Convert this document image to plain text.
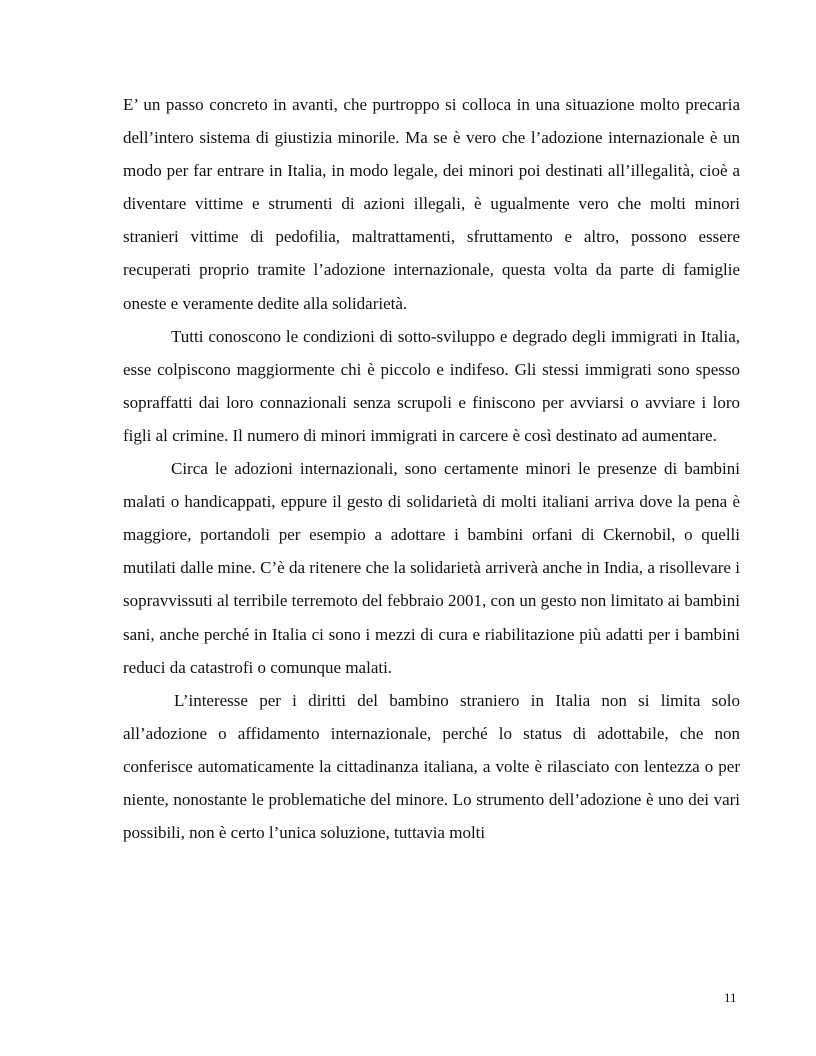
E’ un passo concreto in avanti, che purtroppo si colloca in una situazione molto precaria dell’intero sistema di giustizia minorile. Ma se è vero che l’adozione internazionale è un modo per far entrare in Italia, in modo legale, dei minori poi destinati all’illegalità, cioè a diventare vittime e strumenti di azioni illegali, è ugualmente vero che molti minori stranieri vittime di pedofilia, maltrattamenti, sfruttamento e altro, possono essere recuperati proprio tramite l’adozione internazionale, questa volta da parte di famiglie oneste e veramente dedite alla solidarietà.

Tutti conoscono le condizioni di sotto-sviluppo e degrado degli immigrati in Italia, esse colpiscono maggiormente chi è piccolo e indifeso. Gli stessi immigrati sono spesso sopraffatti dai loro connazionali senza scrupoli e finiscono per avviarsi o avviare i loro figli al crimine. Il numero di minori immigrati in carcere è così destinato ad aumentare.

Circa le adozioni internazionali, sono certamente minori le presenze di bambini malati o handicappati, eppure il gesto di solidarietà di molti italiani arriva dove la pena è maggiore, portandoli per esempio a adottare i bambini orfani di Ckernobil, o quelli mutilati dalle mine. C’è da ritenere che la solidarietà arriverà anche in India, a risollevare i sopravvissuti al terribile terremoto del febbraio 2001, con un gesto non limitato ai bambini sani, anche perché in Italia ci sono i mezzi di cura e riabilitazione più adatti per i bambini reduci da catastrofi o comunque malati.

L’interesse per i diritti del bambino straniero in Italia non si limita solo all’adozione o affidamento internazionale, perché lo status di adottabile, che non conferisce automaticamente la cittadinanza italiana, a volte è rilasciato con lentezza o per niente, nonostante le problematiche del minore. Lo strumento dell’adozione è uno dei vari possibili, non è certo l’unica soluzione, tuttavia molti

11
